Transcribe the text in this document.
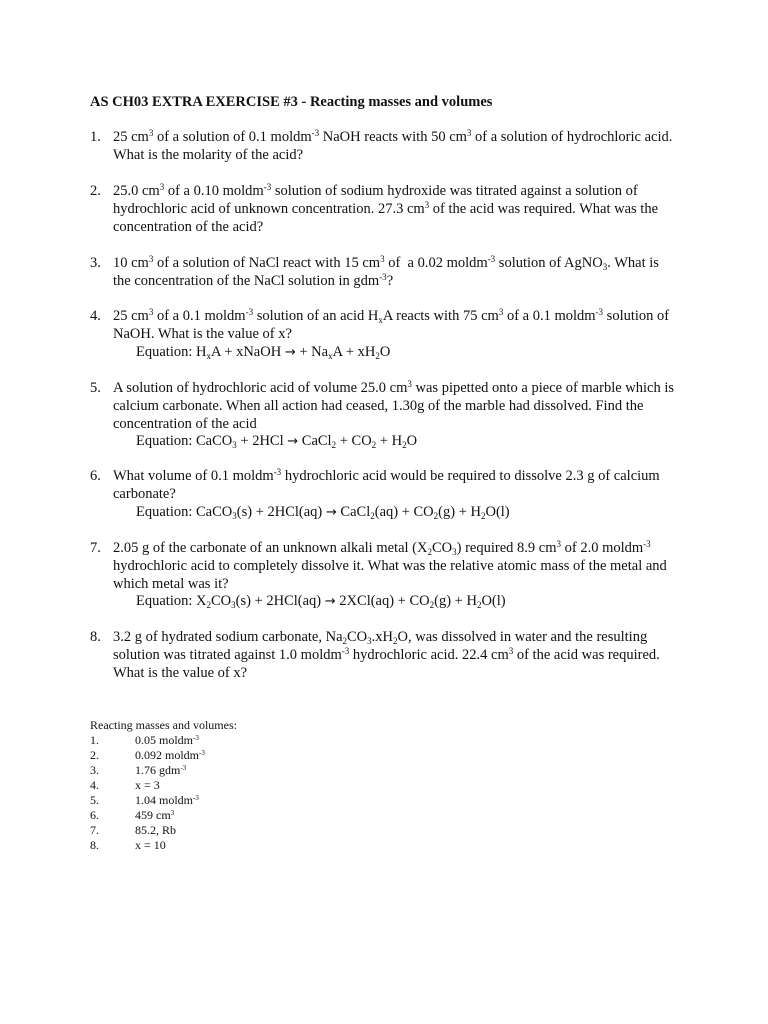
AS CH03 EXTRA EXERCISE #3 - Reacting masses and volumes
1. 25 $cm^3$ of a solution of 0.1 moldm$^{-3}$ NaOH reacts with 50 $cm^3$ of a solution of hydrochloric acid. What is the molarity of the acid?
2. 25.0 $cm^3$ of a 0.10 moldm$^{-3}$ solution of sodium hydroxide was titrated against a solution of hydrochloric acid of unknown concentration. 27.3 $cm^3$ of the acid was required. What was the concentration of the acid?
3. 10 $cm^3$ of a solution of NaCl react with 15 $cm^3$ of  a 0.02 moldm$^{-3}$ solution of AgNO$_3$. What is the concentration of the NaCl solution in gdm$^{-3}$?
4. 25 $cm^3$ of a 0.1 moldm$^{-3}$ solution of an acid $H_xA$ reacts with 75 $cm^3$ of a 0.1 moldm$^{-3}$ solution of NaOH. What is the value of x?
Equation: $H_xA$ + xNaOH → + $Na_xA + xH_2O$
5. A solution of hydrochloric acid of volume 25.0 $cm^3$ was pipetted onto a piece of marble which is calcium carbonate. When all action had ceased, 1.30g of the marble had dissolved. Find the concentration of the acid
Equation: CaCO$_3$ + 2HCl → CaCl$_2$ + $CO_2 + H_2O$
6. What volume of 0.1 moldm$^{-3}$ hydrochloric acid would be required to dissolve 2.3 g of calcium carbonate?
Equation: CaCO$_3$(s) + 2HCl(aq) → CaCl$_2$(aq) + $CO_2(g) + H_2O(l)$
7. 2.05 g of the carbonate of an unknown alkali metal $(X_2CO_3)$ required 8.9 $cm^3$ of 2.0 moldm$^{-3}$ hydrochloric acid to completely dissolve it. What was the relative atomic mass of the metal and which metal was it?
Equation: $X_2CO_3(s) + 2HCl(aq) \to 2XCl(aq) + CO_2(g) + H_2O(l)$
8. 3.2 g of hydrated sodium carbonate, $Na_2CO_3.xH_2O$, was dissolved in water and the resulting solution was titrated against 1.0 moldm$^{-3}$ hydrochloric acid. 22.4 $cm^3$ of the acid was required. What is the value of x?
Reacting masses and volumes:
1.	0.05 moldm$^{-3}$
2.	0.092 moldm$^{-3}$
3.	1.76 gdm$^{-3}$
4.	x = 3
5.	1.04 moldm$^{-3}$
6.	459 $cm^3$
7.	85.2, Rb
8.	x = 10
